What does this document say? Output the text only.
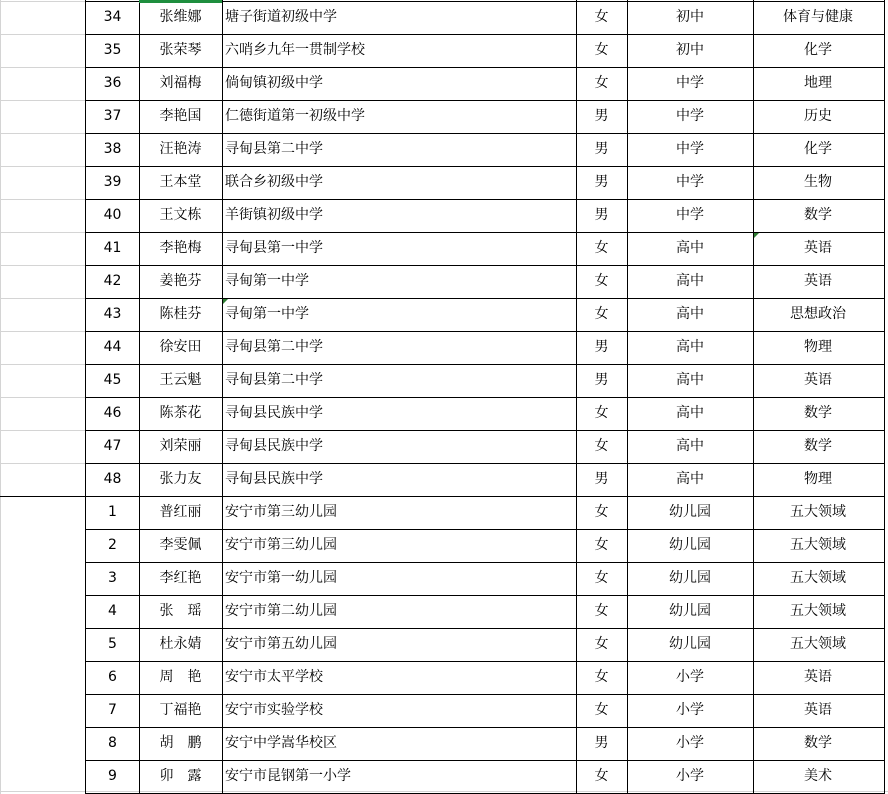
34	张维娜	塘子街道初级中学	女	初中	体育与健康
35	张荣琴	六哨乡九年一贯制学校	女	初中	化学
36	刘福梅	倘甸镇初级中学	女	中学	地理
37	李艳国	仁德街道第一初级中学	男	中学	历史
38	汪艳涛	寻甸县第二中学	男	中学	化学
39	王本堂	联合乡初级中学	男	中学	生物
40	王文栋	羊街镇初级中学	男	中学	数学
41	李艳梅	寻甸县第一中学	女	高中	英语
42	姜艳芬	寻甸第一中学	女	高中	英语
43	陈桂芬	寻甸第一中学	女	高中	思想政治
44	徐安田	寻甸县第二中学	男	高中	物理
45	王云魁	寻甸县第二中学	男	高中	英语
46	陈茶花	寻甸县民族中学	女	高中	数学
47	刘荣丽	寻甸县民族中学	女	高中	数学
48	张力友	寻甸县民族中学	男	高中	物理
1	普红丽	安宁市第三幼儿园	女	幼儿园	五大领域
2	李雯佩	安宁市第三幼儿园	女	幼儿园	五大领域
3	李红艳	安宁市第一幼儿园	女	幼儿园	五大领域
4	张　瑶	安宁市第二幼儿园	女	幼儿园	五大领域
5	杜永婧	安宁市第五幼儿园	女	幼儿园	五大领域
6	周　艳	安宁市太平学校	女	小学	英语
7	丁福艳	安宁市实验学校	女	小学	英语
8	胡　鹏	安宁中学嵩华校区	男	小学	数学
9	卯　露	安宁市昆钢第一小学	女	小学	美术
